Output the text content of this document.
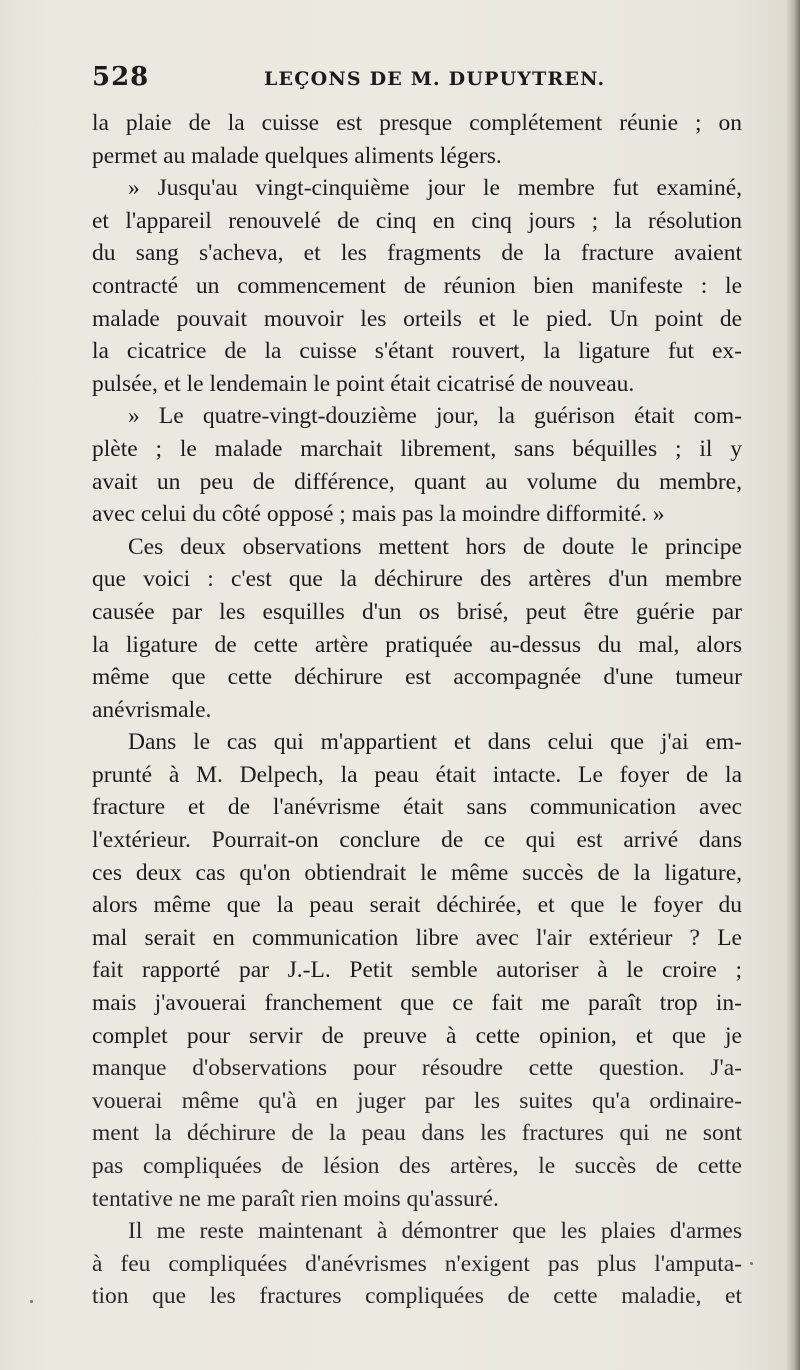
528	LEÇONS DE M. DUPUYTREN.
la plaie de la cuisse est presque complétement réunie ; on
permet au malade quelques aliments légers.
» Jusqu'au vingt-cinquième jour le membre fut examiné,
et l'appareil renouvelé de cinq en cinq jours ; la résolution
du sang s'acheva, et les fragments de la fracture avaient
contracté un commencement de réunion bien manifeste : le
malade pouvait mouvoir les orteils et le pied. Un point de
la cicatrice de la cuisse s'étant rouvert, la ligature fut ex-
pulsée, et le lendemain le point était cicatrisé de nouveau.
» Le quatre-vingt-douzième jour, la guérison était com-
plète ; le malade marchait librement, sans béquilles ; il y
avait un peu de différence, quant au volume du membre,
avec celui du côté opposé ; mais pas la moindre difformité. »
Ces deux observations mettent hors de doute le principe
que voici : c'est que la déchirure des artères d'un membre
causée par les esquilles d'un os brisé, peut être guérie par
la ligature de cette artère pratiquée au-dessus du mal, alors
même que cette déchirure est accompagnée d'une tumeur
anévrismale.
Dans le cas qui m'appartient et dans celui que j'ai em-
prunté à M. Delpech, la peau était intacte. Le foyer de la
fracture et de l'anévrisme était sans communication avec
l'extérieur. Pourrait-on conclure de ce qui est arrivé dans
ces deux cas qu'on obtiendrait le même succès de la ligature,
alors même que la peau serait déchirée, et que le foyer du
mal serait en communication libre avec l'air extérieur ? Le
fait rapporté par J.-L. Petit semble autoriser à le croire ;
mais j'avouerai franchement que ce fait me paraît trop in-
complet pour servir de preuve à cette opinion, et que je
manque d'observations pour résoudre cette question. J'a-
vouerai même qu'à en juger par les suites qu'a ordinaire-
ment la déchirure de la peau dans les fractures qui ne sont
pas compliquées de lésion des artères, le succès de cette
tentative ne me paraît rien moins qu'assuré.
Il me reste maintenant à démontrer que les plaies d'armes
à feu compliquées d'anévrismes n'exigent pas plus l'amputa-
tion que les fractures compliquées de cette maladie, et
